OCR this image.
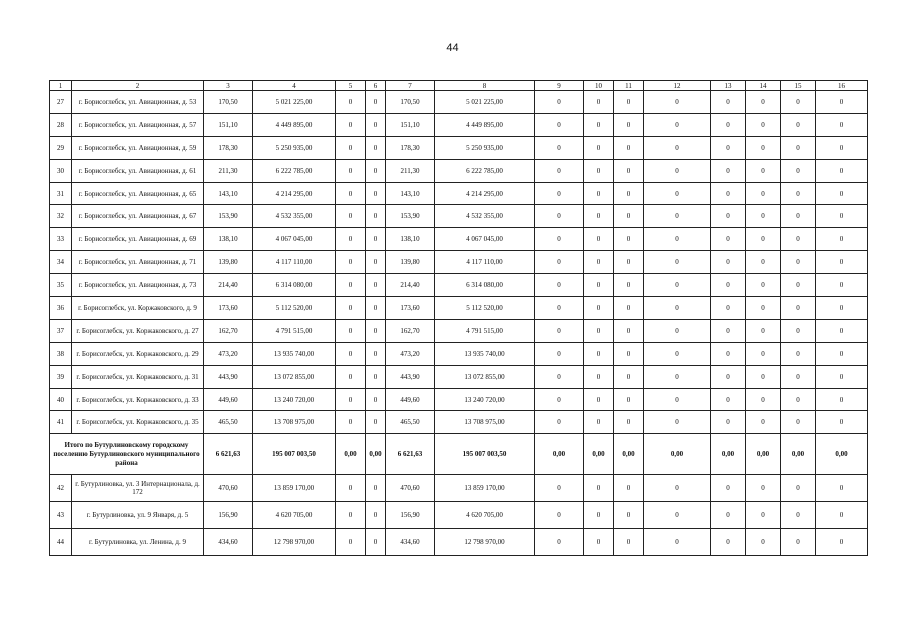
44
1	2	3	4	5	6	7	8	9	10	11	12	13	14	15	16
27	г. Борисоглебск, ул. Авиационная, д. 53	170,50	5 021 225,00	0	0	170,50	5 021 225,00	0	0	0	0	0	0	0	0
28	г. Борисоглебск, ул. Авиационная, д. 57	151,10	4 449 895,00	0	0	151,10	4 449 895,00	0	0	0	0	0	0	0	0
29	г. Борисоглебск, ул. Авиационная, д. 59	178,30	5 250 935,00	0	0	178,30	5 250 935,00	0	0	0	0	0	0	0	0
30	г. Борисоглебск, ул. Авиационная, д. 61	211,30	6 222 785,00	0	0	211,30	6 222 785,00	0	0	0	0	0	0	0	0
31	г. Борисоглебск, ул. Авиационная, д. 65	143,10	4 214 295,00	0	0	143,10	4 214 295,00	0	0	0	0	0	0	0	0
32	г. Борисоглебск, ул. Авиационная, д. 67	153,90	4 532 355,00	0	0	153,90	4 532 355,00	0	0	0	0	0	0	0	0
33	г. Борисоглебск, ул. Авиационная, д. 69	138,10	4 067 045,00	0	0	138,10	4 067 045,00	0	0	0	0	0	0	0	0
34	г. Борисоглебск, ул. Авиационная, д. 71	139,80	4 117 110,00	0	0	139,80	4 117 110,00	0	0	0	0	0	0	0	0
35	г. Борисоглебск, ул. Авиационная, д. 73	214,40	6 314 080,00	0	0	214,40	6 314 080,00	0	0	0	0	0	0	0	0
36	г. Борисоглебск, ул. Коржаковского, д. 9	173,60	5 112 520,00	0	0	173,60	5 112 520,00	0	0	0	0	0	0	0	0
37	г. Борисоглебск, ул. Коржаковского, д. 27	162,70	4 791 515,00	0	0	162,70	4 791 515,00	0	0	0	0	0	0	0	0
38	г. Борисоглебск, ул. Коржаковского, д. 29	473,20	13 935 740,00	0	0	473,20	13 935 740,00	0	0	0	0	0	0	0	0
39	г. Борисоглебск, ул. Коржаковского, д. 31	443,90	13 072 855,00	0	0	443,90	13 072 855,00	0	0	0	0	0	0	0	0
40	г. Борисоглебск, ул. Коржаковского, д. 33	449,60	13 240 720,00	0	0	449,60	13 240 720,00	0	0	0	0	0	0	0	0
41	г. Борисоглебск, ул. Коржаковского, д. 35	465,50	13 708 975,00	0	0	465,50	13 708 975,00	0	0	0	0	0	0	0	0
Итого по Бутурлиновскому городскому поселению Бутурлиновского муниципального района		6 621,63	195 007 003,50	0,00	0,00	6 621,63	195 007 003,50	0,00	0,00	0,00	0,00	0,00	0,00	0,00	0,00
42	г. Бутурлиновка, ул. 3 Интернационала, д. 172	470,60	13 859 170,00	0	0	470,60	13 859 170,00	0	0	0	0	0	0	0	0
43	г. Бутурлиновка, ул. 9 Января, д. 5	156,90	4 620 705,00	0	0	156,90	4 620 705,00	0	0	0	0	0	0	0	0
44	г. Бутурлиновка, ул. Ленина, д. 9	434,60	12 798 970,00	0	0	434,60	12 798 970,00	0	0	0	0	0	0	0	0
